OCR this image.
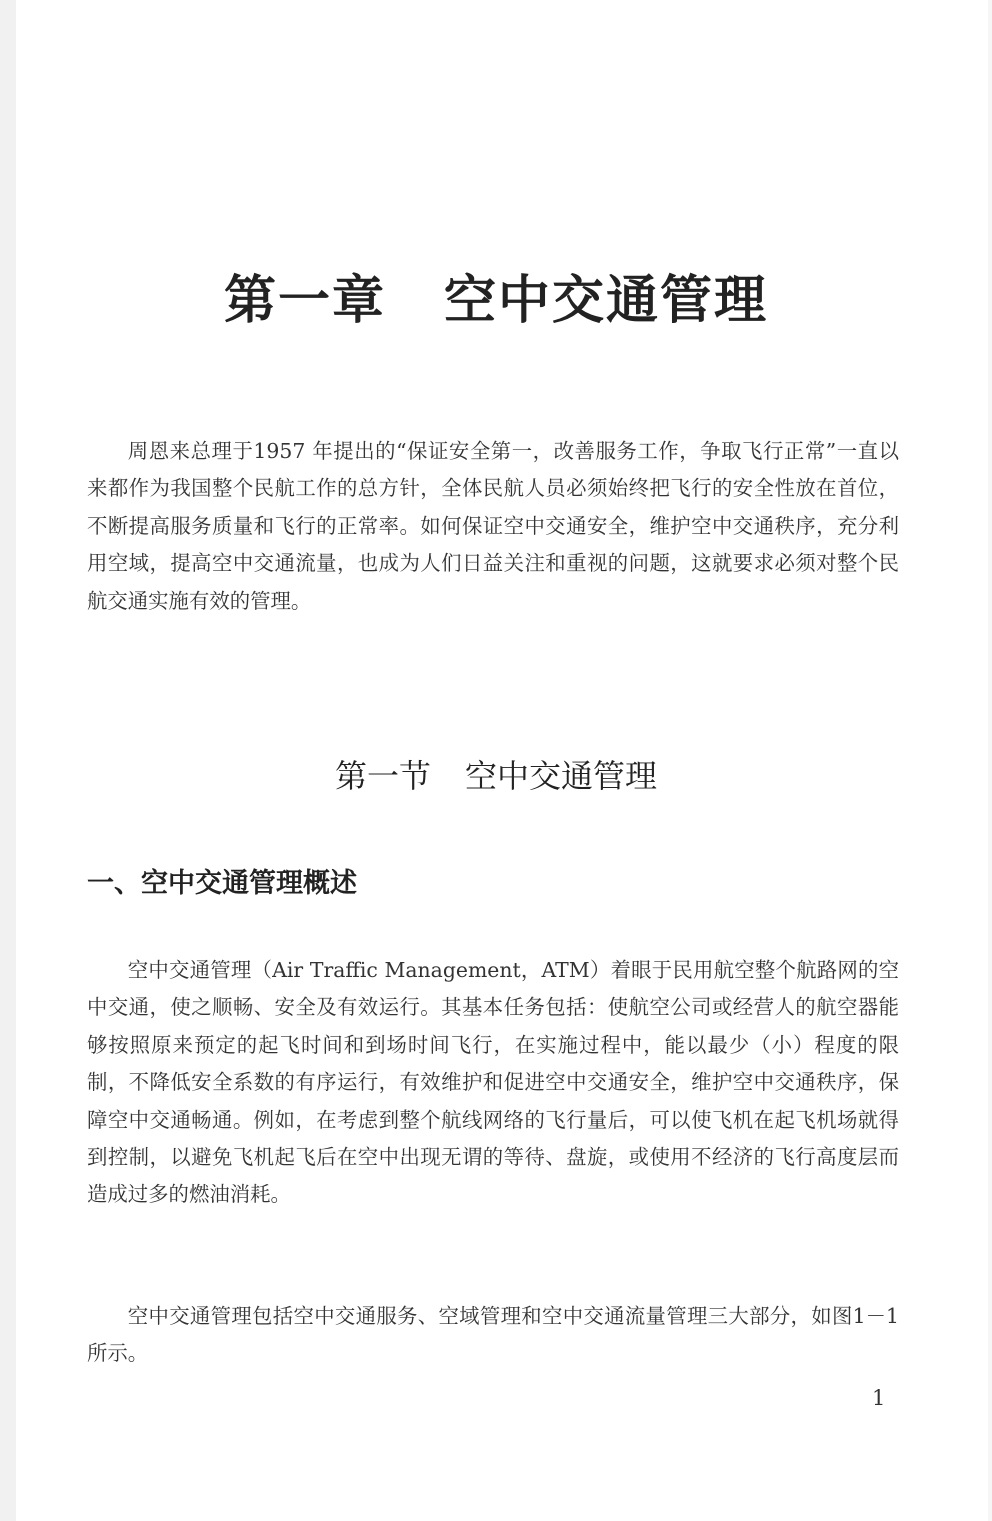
第一章 空中交通管理

周恩来总理于1957 年提出的“保证安全第一，改善服务工作，争取飞行正常”一直以来都作为我国整个民航工作的总方针，全体民航人员必须始终把飞行的安全性放在首位，不断提高服务质量和飞行的正常率。如何保证空中交通安全，维护空中交通秩序，充分利用空域，提高空中交通流量，也成为人们日益关注和重视的问题，这就要求必须对整个民航交通实施有效的管理。

第一节 空中交通管理
一、空中交通管理概述

空中交通管理（Air Traffic Management，ATM）着眼于民用航空整个航路网的空中交通，使之顺畅、安全及有效运行。其基本任务包括：使航空公司或经营人的航空器能够按照原来预定的起飞时间和到场时间飞行，在实施过程中，能以最少（小）程度的限制，不降低安全系数的有序运行，有效维护和促进空中交通安全，维护空中交通秩序，保障空中交通畅通。例如，在考虑到整个航线网络的飞行量后，可以使飞机在起飞机场就得到控制，以避免飞机起飞后在空中出现无谓的等待、盘旋，或使用不经济的飞行高度层而造成过多的燃油消耗。

空中交通管理包括空中交通服务、空域管理和空中交通流量管理三大部分，如图1－1 所示。

1
